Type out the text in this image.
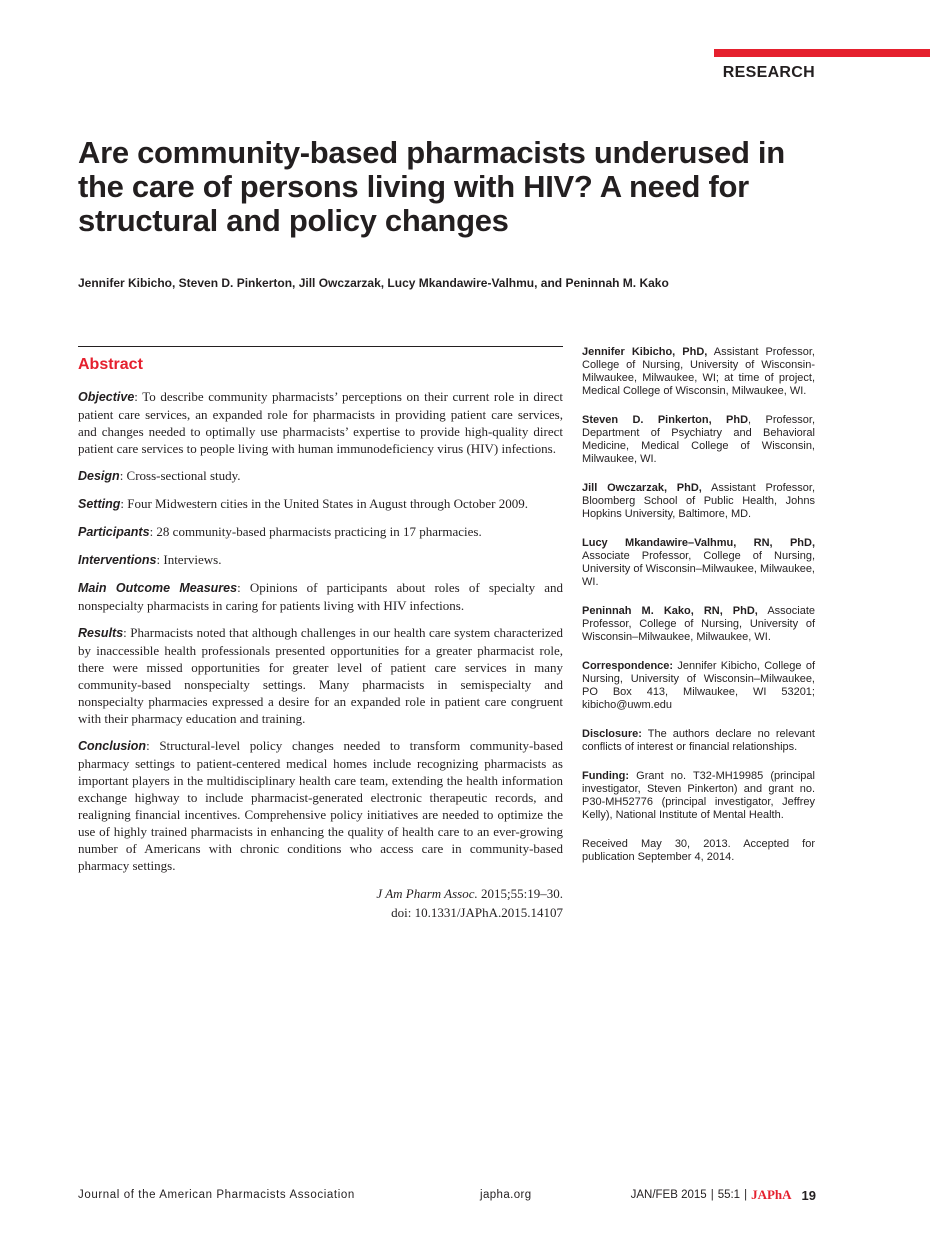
RESEARCH
Are community-based pharmacists underused in the care of persons living with HIV? A need for structural and policy changes
Jennifer Kibicho, Steven D. Pinkerton, Jill Owczarzak, Lucy Mkandawire-Valhmu, and Peninnah M. Kako
Abstract

Objective: To describe community pharmacists’ perceptions on their current role in direct patient care services, an expanded role for pharmacists in providing patient care services, and changes needed to optimally use pharmacists’ expertise to provide high-quality direct patient care services to people living with human immunodeficiency virus (HIV) infections.

Design: Cross-sectional study.

Setting: Four Midwestern cities in the United States in August through October 2009.

Participants: 28 community-based pharmacists practicing in 17 pharmacies.

Interventions: Interviews.

Main Outcome Measures: Opinions of participants about roles of specialty and nonspecialty pharmacists in caring for patients living with HIV infections.

Results: Pharmacists noted that although challenges in our health care system characterized by inaccessible health professionals presented opportunities for a greater pharmacist role, there were missed opportunities for greater level of patient care services in many community-based nonspecialty settings. Many pharmacists in semispecialty and nonspecialty pharmacies expressed a desire for an expanded role in patient care congruent with their pharmacy education and training.

Conclusion: Structural-level policy changes needed to transform community-based pharmacy settings to patient-centered medical homes include recognizing pharmacists as important players in the multidisciplinary health care team, extending the health information exchange highway to include pharmacist-generated electronic therapeutic records, and realigning financial incentives. Comprehensive policy initiatives are needed to optimize the use of highly trained pharmacists in enhancing the quality of health care to an ever-growing number of Americans with chronic conditions who access care in community-based pharmacy settings.

J Am Pharm Assoc. 2015;55:19–30.
doi: 10.1331/JAPhA.2015.14107

Jennifer Kibicho, PhD, Assistant Professor, College of Nursing, University of Wisconsin-Milwaukee, Milwaukee, WI; at time of project, Medical College of Wisconsin, Milwaukee, WI.

Steven D. Pinkerton, PhD, Professor, Department of Psychiatry and Behavioral Medicine, Medical College of Wisconsin, Milwaukee, WI.

Jill Owczarzak, PhD, Assistant Professor, Bloomberg School of Public Health, Johns Hopkins University, Baltimore, MD.

Lucy Mkandawire–Valhmu, RN, PhD, Associate Professor, College of Nursing, University of Wisconsin–Milwaukee, Milwaukee, WI.

Peninnah M. Kako, RN, PhD, Associate Professor, College of Nursing, University of Wisconsin–Milwaukee, Milwaukee, WI.

Correspondence: Jennifer Kibicho, College of Nursing, University of Wisconsin–Milwaukee, PO Box 413, Milwaukee, WI 53201; kibicho@uwm.edu

Disclosure: The authors declare no relevant conflicts of interest or financial relationships.

Funding: Grant no. T32-MH19985 (principal investigator, Steven Pinkerton) and grant no. P30-MH52776 (principal investigator, Jeffrey Kelly), National Institute of Mental Health.

Received May 30, 2013. Accepted for publication September 4, 2014.

Journal of the American Pharmacists Association	japha.org	JAN/FEB 2015 | 55:1 | JAPhA 19
